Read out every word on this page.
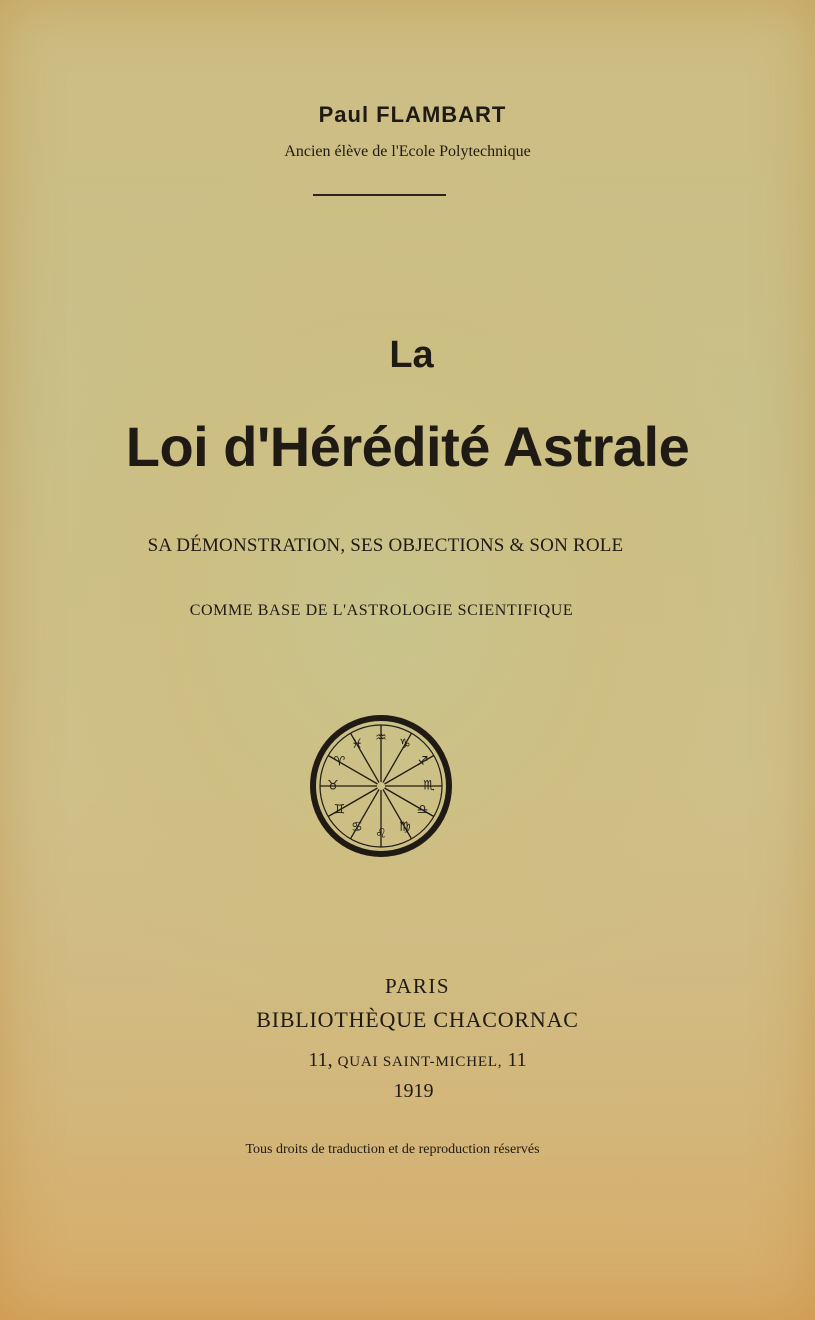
Paul FLAMBART
Ancien élève de l'Ecole Polytechnique
La
Loi d'Hérédité Astrale
SA DÉMONSTRATION, SES OBJECTIONS & SON ROLE
COMME BASE DE L'ASTROLOGIE SCIENTIFIQUE
♒ ♑
♐
♏
♎
♍
♌
♋
♊
♉
♈
♓
PARIS
BIBLIOTHÈQUE CHACORNAC
11, QUAI SAINT-MICHEL, 11
1919
Tous droits de traduction et de reproduction réservés
